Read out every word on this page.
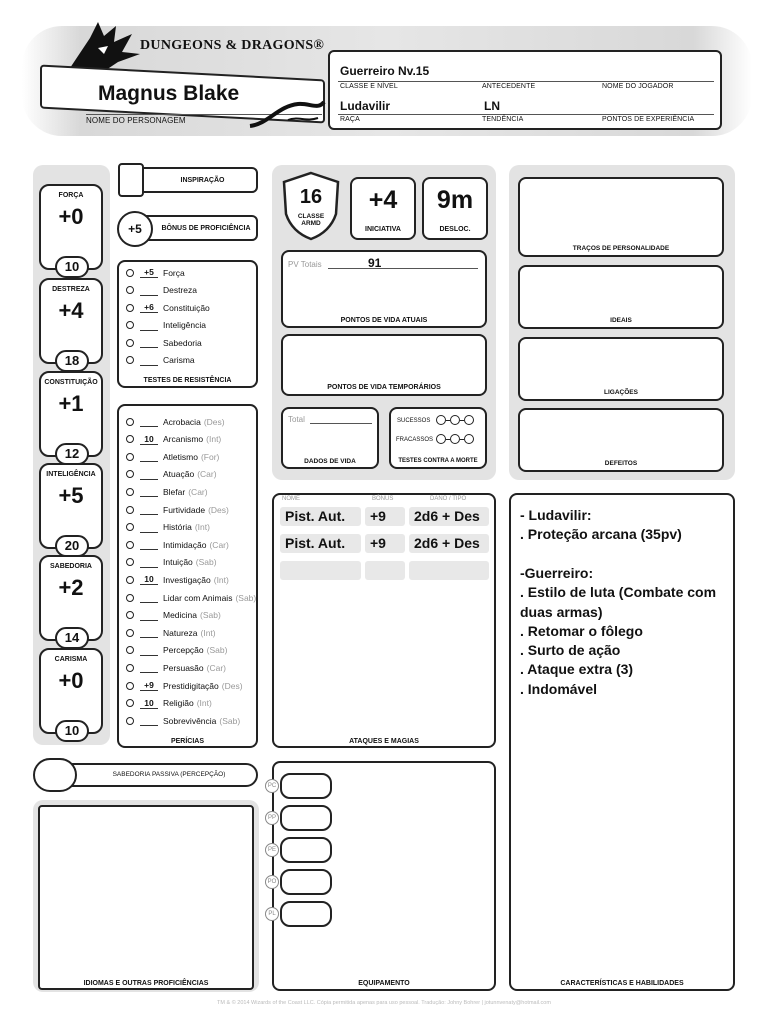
DUNGEONS & DRAGONS®
Magnus Blake
NOME DO PERSONAGEM
Guerreiro Nv.15
CLASSE E NÍVEL	ANTECEDENTE	NOME DO JOGADOR
Ludavilir	LN
RAÇA	TENDÊNCIA	PONTOS DE EXPERIÊNCIA
FORÇA
+0
10
DESTREZA
+4
18
CONSTITUIÇÃO
+1
12
INTELIGÊNCIA
+5
20
SABEDORIA
+2
14
CARISMA
+0
10
INSPIRAÇÃO
+5	BÔNUS DE PROFICIÊNCIA
+5	Força
Destreza
+6	Constituição
Inteligência
Sabedoria
Carisma
TESTES DE RESISTÊNCIA
Acrobacia (Des)
10	Arcanismo (Int)
Atletismo (For)
Atuação (Car)
Blefar (Car)
Furtividade (Des)
História (Int)
Intimidação (Car)
Intuição (Sab)
10	Investigação (Int)
Lidar com Animais (Sab)
Medicina (Sab)
Natureza (Int)
Percepção (Sab)
Persuasão (Car)
+9	Prestidigitação (Des)
10	Religião (Int)
Sobrevivência (Sab)
PERÍCIAS
SABEDORIA PASSIVA (PERCEPÇÃO)
IDIOMAS E OUTRAS PROFICIÊNCIAS
16
CLASSE
ARMD
+4
INICIATIVA
9m
DESLOC.
PV Totais	91
PONTOS DE VIDA ATUAIS
PONTOS DE VIDA TEMPORÁRIOS
Total
DADOS DE VIDA
SUCESSOS
FRACASSOS
TESTES CONTRA A MORTE
NOME	BÔNUS	DANO / TIPO
Pist. Aut.	+9	2d6 + Des
Pist. Aut.	+9	2d6 + Des
ATAQUES E MAGIAS
PC
PP
PE
PO
PL
EQUIPAMENTO
TRAÇOS DE PERSONALIDADE
IDEAIS
LIGAÇÕES
DEFEITOS
- Ludavilir:
. Proteção arcana (35pv)
-Guerreiro:
. Estilo de luta (Combate com
duas armas)
. Retomar o fôlego
. Surto de ação
. Ataque extra (3)
. Indomável
CARACTERÍSTICAS E HABILIDADES
TM & © 2014 Wizards of the Coast LLC. Cópia permitida apenas para uso pessoal. Tradução: Johny Bohrer | jotunnvenaty@hotmail.com
